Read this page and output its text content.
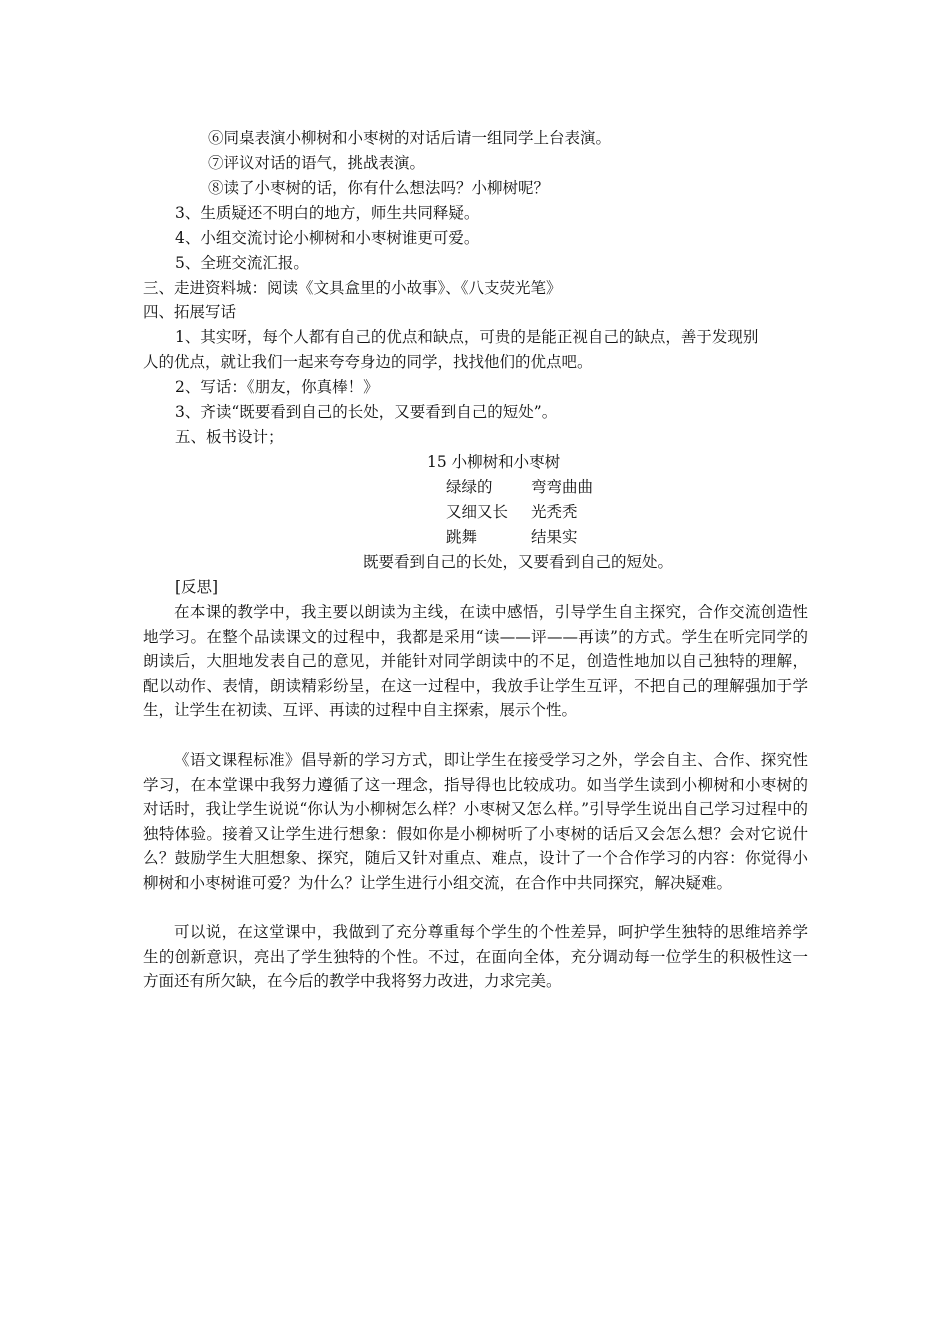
⑥同桌表演小柳树和小枣树的对话后请一组同学上台表演。
⑦评议对话的语气，挑战表演。
⑧读了小枣树的话，你有什么想法吗？小柳树呢？
3、生质疑还不明白的地方，师生共同释疑。
4、小组交流讨论小柳树和小枣树谁更可爱。
5、全班交流汇报。
三、走进资料城：阅读《文具盒里的小故事》、《八支荧光笔》
四、拓展写话
1、其实呀，每个人都有自己的优点和缺点，可贵的是能正视自己的缺点，善于发现别
人的优点，就让我们一起来夸夸身边的同学，找找他们的优点吧。
2、写话：《朋友，你真棒！》
3、齐读“既要看到自己的长处，又要看到自己的短处”。
五、板书设计；
15 小柳树和小枣树
绿绿的 弯弯曲曲
又细又长 光秃秃
跳舞	结果实
既要看到自己的长处，又要看到自己的短处。
[反思]
在本课的教学中，我主要以朗读为主线，在读中感悟，引导学生自主探究，合作交流创造性地学习。在整个品读课文的过程中，我都是采用“读——评——再读”的方式。学生在听完同学的朗读后，大胆地发表自己的意见，并能针对同学朗读中的不足，创造性地加以自己独特的理解，配以动作、表情，朗读精彩纷呈，在这一过程中，我放手让学生互评，不把自己的理解强加于学生，让学生在初读、互评、再读的过程中自主探索，展示个性。
《语文课程标准》倡导新的学习方式，即让学生在接受学习之外，学会自主、合作、探究性学习，在本堂课中我努力遵循了这一理念，指导得也比较成功。如当学生读到小柳树和小枣树的对话时，我让学生说说“你认为小柳树怎么样？小枣树又怎么样。”引导学生说出自己学习过程中的独特体验。接着又让学生进行想象：假如你是小柳树听了小枣树的话后又会怎么想？会对它说什么？鼓励学生大胆想象、探究，随后又针对重点、难点，设计了一个合作学习的内容：你觉得小柳树和小枣树谁可爱？为什么？让学生进行小组交流，在合作中共同探究，解决疑难。
可以说，在这堂课中，我做到了充分尊重每个学生的个性差异，呵护学生独特的思维培养学生的创新意识，亮出了学生独特的个性。不过，在面向全体，充分调动每一位学生的积极性这一方面还有所欠缺，在今后的教学中我将努力改进，力求完美。
